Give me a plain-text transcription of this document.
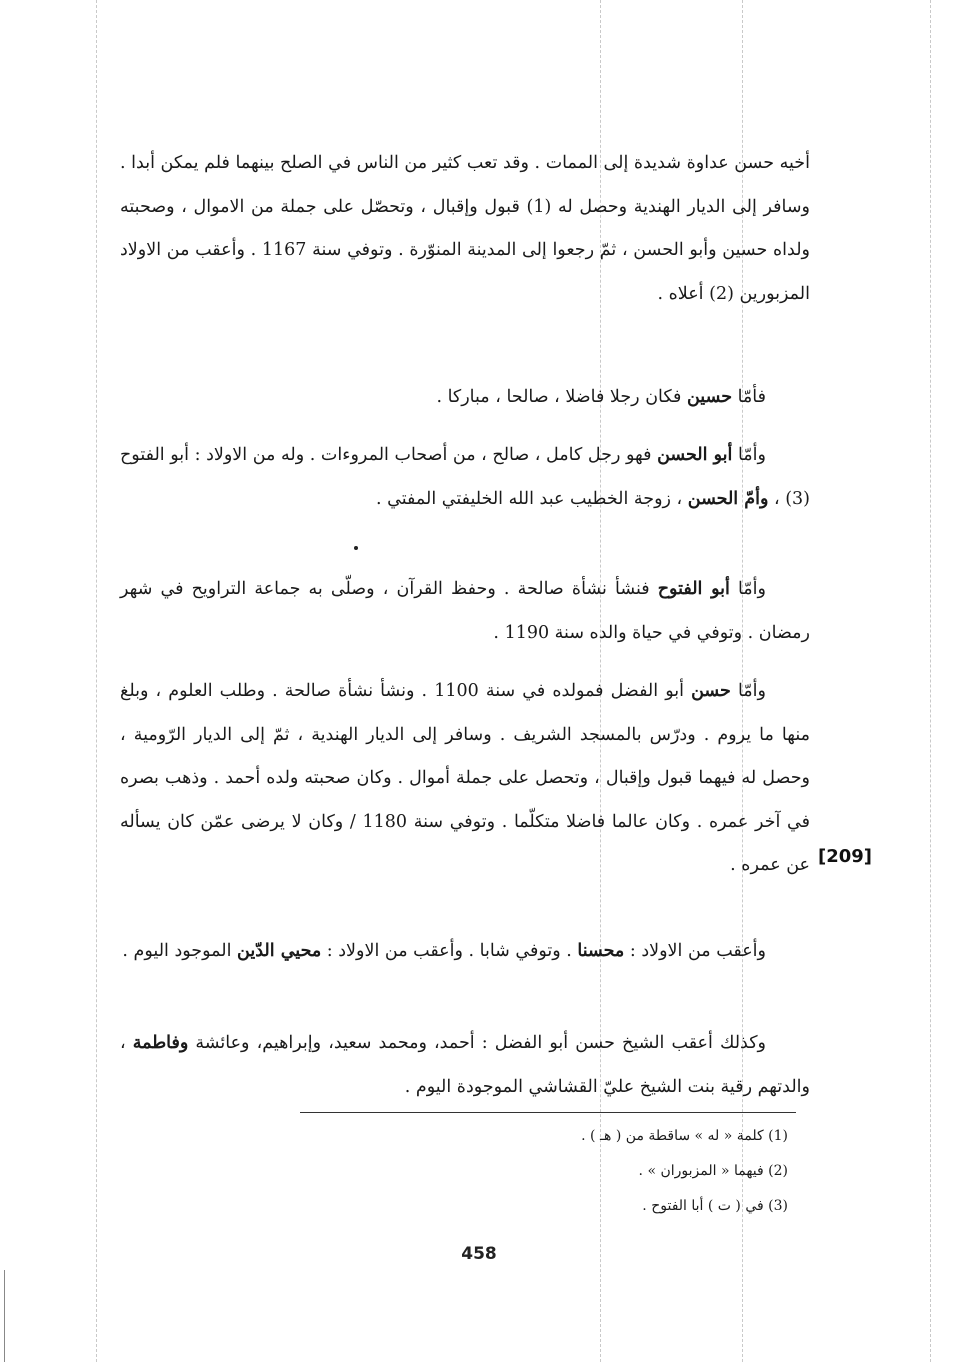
أخيه حسن عداوة شديدة إلى الممات . وقد تعب كثير من الناس في الصلح بينهما فلم يمكن أبدا . وسافر إلى الديار الهندية وحصل له (1) قبول وإقبال ، وتحصّل على جملة من الاموال ، وصحبته ولداه حسين وأبو الحسن ، ثمّ رجعوا إلى المدينة المنوّرة . وتوفي سنة 1167 . وأعقب من الاولاد المزبورين (2) أعلاه .

فأمّا حسين فكان رجلا فاضلا ، صالحا ، مباركا .

وأمّا أبو الحسن فهو رجل كامل ، صالح ، من أصحاب المروءات . وله من الاولاد : أبو الفتوح (3) ، وأمّ الحسن ، زوجة الخطيب عبد الله الخليفتي المفتي .

وأمّا أبو الفتوح فنشأ نشأة صالحة . وحفظ القرآن ، وصلّى به جماعة التراويح في شهر رمضان . وتوفي في حياة والده سنة 1190 .

وأمّا حسن أبو الفضل فمولده في سنة 1100 . ونشأ نشأة صالحة . وطلب العلوم ، وبلغ منها ما يروم . ودرّس بالمسجد الشريف . وسافر إلى الديار الهندية ، ثمّ إلى الديار الرّومية ، وحصل له فيهما قبول وإقبال ، وتحصل على جملة أموال . وكان صحبته ولده أحمد . وذهب بصره في آخر عمره . وكان عالما فاضلا متكلّما . وتوفي سنة 1180 / وكان لا يرضى عمّن كان يسأله عن عمره .

وأعقب من الاولاد : محسنا . وتوفي شابا . وأعقب من الاولاد : محيي الدّين الموجود اليوم .

وكذلك أعقب الشيخ حسن أبو الفضل : أحمد، ومحمد سعيد، وإبراهيم، وعائشة وفاطمة ، والدتهم رقية بنت الشيخ عليّ القشاشي الموجودة اليوم .

[209]
(1) كلمة « له » ساقطة من ( هـ ) .
(2) فيهما « المزبوران » .
(3) في ( ت ) أبا الفتوح .
458
